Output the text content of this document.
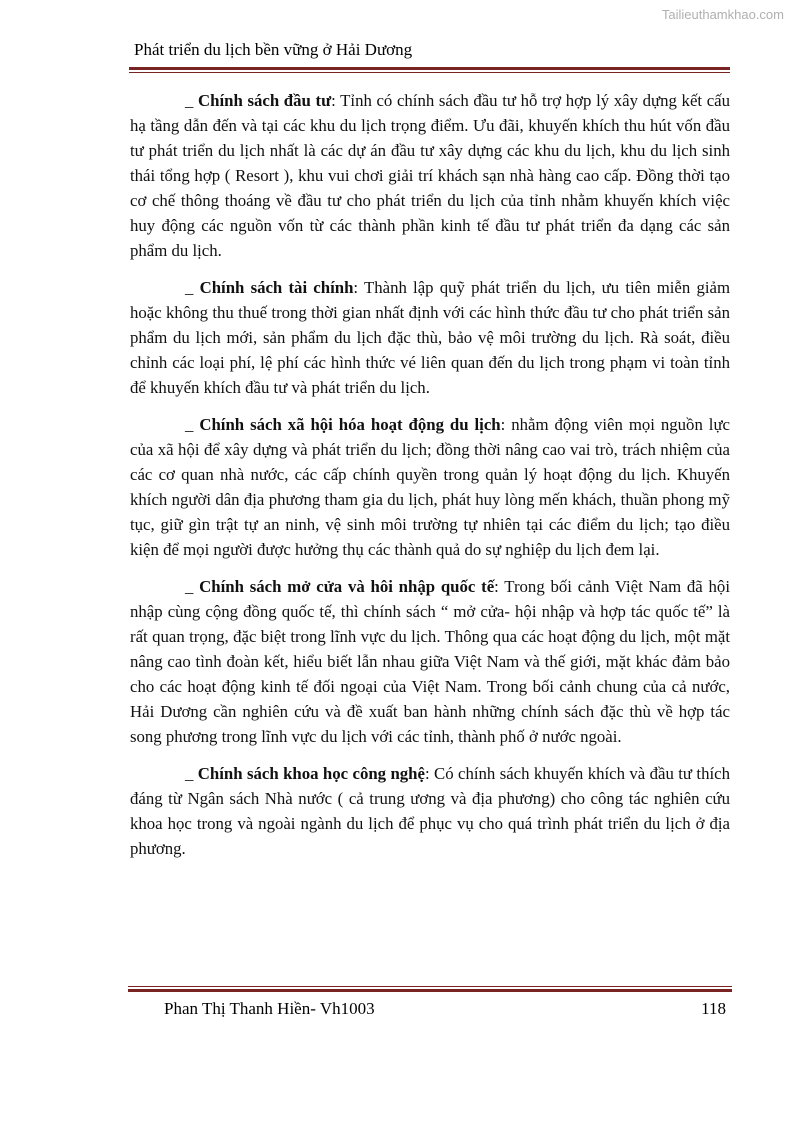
Tailieuthamkhao.com
Phát triển du lịch bền vững ở Hải Dương

_ Chính sách đầu tư: Tỉnh có chính sách đầu tư hỗ trợ hợp lý xây dựng kết cấu hạ tầng dẫn đến và tại các khu du lịch trọng điểm. Ưu đãi, khuyến khích thu hút vốn đầu tư phát triển du lịch nhất là các dự án đầu tư xây dựng các khu du lịch, khu du lịch sinh thái tổng hợp ( Resort ), khu vui chơi giải trí khách sạn nhà hàng cao cấp. Đồng thời tạo cơ chế thông thoáng về đầu tư cho phát triển du lịch của tỉnh nhằm khuyến khích việc huy động các nguồn vốn từ các thành phần kinh tế đầu tư phát triển đa dạng các sản phẩm du lịch.

_ Chính sách tài chính: Thành lập quỹ phát triển du lịch, ưu tiên miễn giảm hoặc không thu thuế trong thời gian nhất định với các hình thức đầu tư cho phát triển sản phẩm du lịch mới, sản phẩm du lịch đặc thù, bảo vệ môi trường du lịch. Rà soát, điều chỉnh các loại phí, lệ phí các hình thức vé liên quan đến du lịch trong phạm vi toàn tỉnh để khuyến khích đầu tư và phát triển du lịch.

_ Chính sách xã hội hóa hoạt động du lịch: nhằm động viên mọi nguồn lực của xã hội để xây dựng và phát triển du lịch; đồng thời nâng cao vai trò, trách nhiệm của các cơ quan nhà nước, các cấp chính quyền trong quản lý hoạt động du lịch. Khuyến khích người dân địa phương tham gia du lịch, phát huy lòng mến khách, thuần phong mỹ tục, giữ gìn trật tự an ninh, vệ sinh môi trường tự nhiên tại các điểm du lịch; tạo điều kiện để mọi người được hưởng thụ các thành quả do sự nghiệp du lịch đem lại.

_ Chính sách mở cửa và hôi nhập quốc tế: Trong bối cảnh Việt Nam đã hội nhập cùng cộng đồng quốc tế, thì chính sách “ mở cửa- hội nhập và hợp tác quốc tế” là rất quan trọng, đặc biệt trong lĩnh vực du lịch. Thông qua các hoạt động du lịch, một mặt nâng cao tình đoàn kết, hiểu biết lẫn nhau giữa Việt Nam và thế giới, mặt khác đảm bảo cho các hoạt động kinh tế đối ngoại của Việt Nam. Trong bối cảnh chung của cả nước, Hải Dương cần nghiên cứu và đề xuất ban hành những chính sách đặc thù về hợp tác song phương trong lĩnh vực du lịch với các tỉnh, thành phố ở nước ngoài.

_ Chính sách khoa học công nghệ: Có chính sách khuyến khích và đầu tư thích đáng từ Ngân sách Nhà nước ( cả trung ương và địa phương) cho công tác nghiên cứu khoa học trong và ngoài ngành du lịch để phục vụ cho quá trình phát triển du lịch ở địa phương.

Phan Thị Thanh Hiền- Vh1003	118
